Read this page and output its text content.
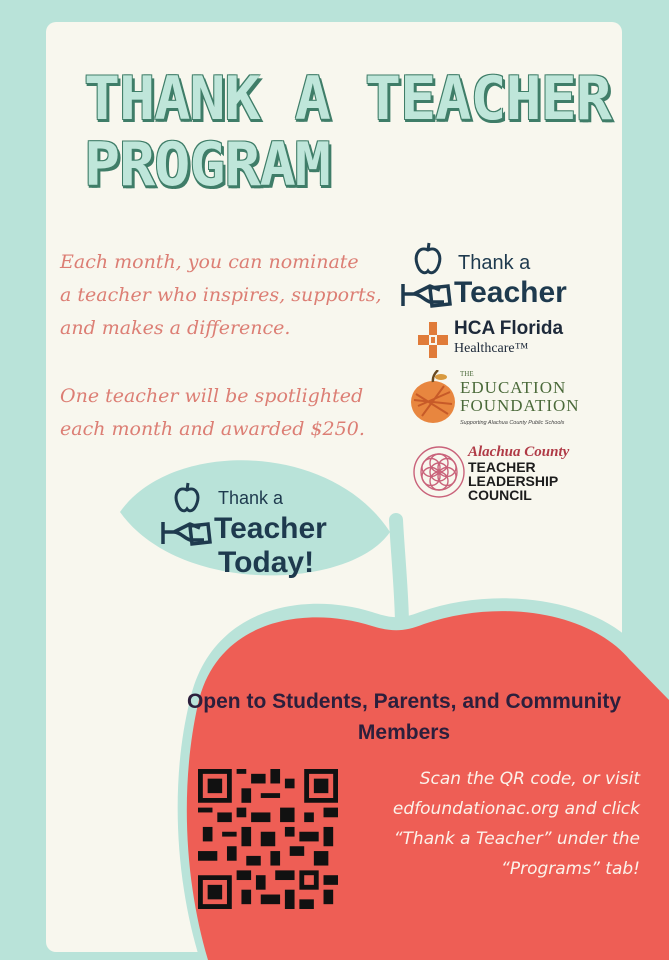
THANK A TEACHER
PROGRAM

Each month, you can nominate
a teacher who inspires, supports,
and makes a difference.

One teacher will be spotlighted
each month and awarded $250.

Thank a
Teacher
HCA Florida
Healthcare™
THE
EDUCATION
FOUNDATION
Supporting Alachua County Public Schools
Alachua County
TEACHER
LEADERSHIP
COUNCIL
Thank a
Teacher
Today!

Open to Students, Parents, and Community Members

Scan the QR code, or visit
edfoundationac.org and click
“Thank a Teacher” under the
“Programs” tab!
